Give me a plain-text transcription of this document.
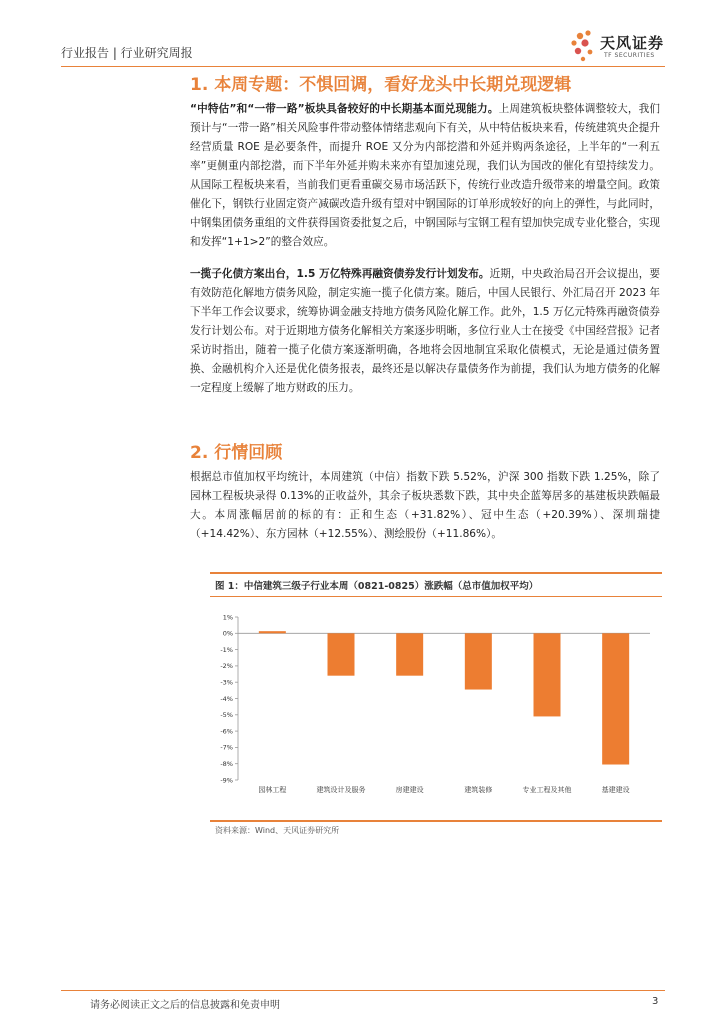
行业报告 | 行业研究周报
天风证券
TF SECURITIES
1. 本周专题：不惧回调，看好龙头中长期兑现逻辑
“中特估”和“一带一路”板块具备较好的中长期基本面兑现能力。上周建筑板块整体调整较大，我们预计与“一带一路”相关风险事件带动整体情绪悲观向下有关，从中特估板块来看，传统建筑央企提升经营质量 ROE 是必要条件，而提升 ROE 又分为内部挖潜和外延并购两条途径，上半年的“一利五率”更侧重内部挖潜，而下半年外延并购未来亦有望加速兑现，我们认为国改的催化有望持续发力。从国际工程板块来看，当前我们更看重碳交易市场活跃下，传统行业改造升级带来的增量空间。政策催化下，钢铁行业固定资产减碳改造升级有望对中钢国际的订单形成较好的向上的弹性，与此同时，中钢集团债务重组的文件获得国资委批复之后，中钢国际与宝钢工程有望加快完成专业化整合，实现和发挥“1+1>2”的整合效应。
一揽子化债方案出台，1.5 万亿特殊再融资债券发行计划发布。近期，中央政治局召开会议提出，要有效防范化解地方债务风险，制定实施一揽子化债方案。随后，中国人民银行、外汇局召开 2023 年下半年工作会议要求，统筹协调金融支持地方债务风险化解工作。此外，1.5 万亿元特殊再融资债券发行计划公布。对于近期地方债务化解相关方案逐步明晰，多位行业人士在接受《中国经营报》记者采访时指出，随着一揽子化债方案逐渐明确，各地将会因地制宜采取化债模式，无论是通过债务置换、金融机构介入还是优化债务报表，最终还是以解决存量债务作为前提，我们认为地方债务的化解一定程度上缓解了地方财政的压力。
2. 行情回顾
根据总市值加权平均统计，本周建筑（中信）指数下跌 5.52%，沪深 300 指数下跌 1.25%，除了园林工程板块录得 0.13%的正收益外，其余子板块悉数下跌，其中央企蓝筹居多的基建板块跌幅最大。本周涨幅居前的标的有：正和生态（+31.82%）、冠中生态（+20.39%）、深圳瑞捷（+14.42%）、东方园林（+12.55%）、测绘股份（+11.86%）。
图 1：中信建筑三级子行业本周（0821-0825）涨跌幅（总市值加权平均）
1%
0%
-1%
-2%
-3%
-4%
-5%
-6%
-7%
-8%
-9%
园林工程	建筑设计及服务	房建建设	建筑装修	专业工程及其他	基建建设
资料来源：Wind、天风证券研究所
请务必阅读正文之后的信息披露和免责申明	3
